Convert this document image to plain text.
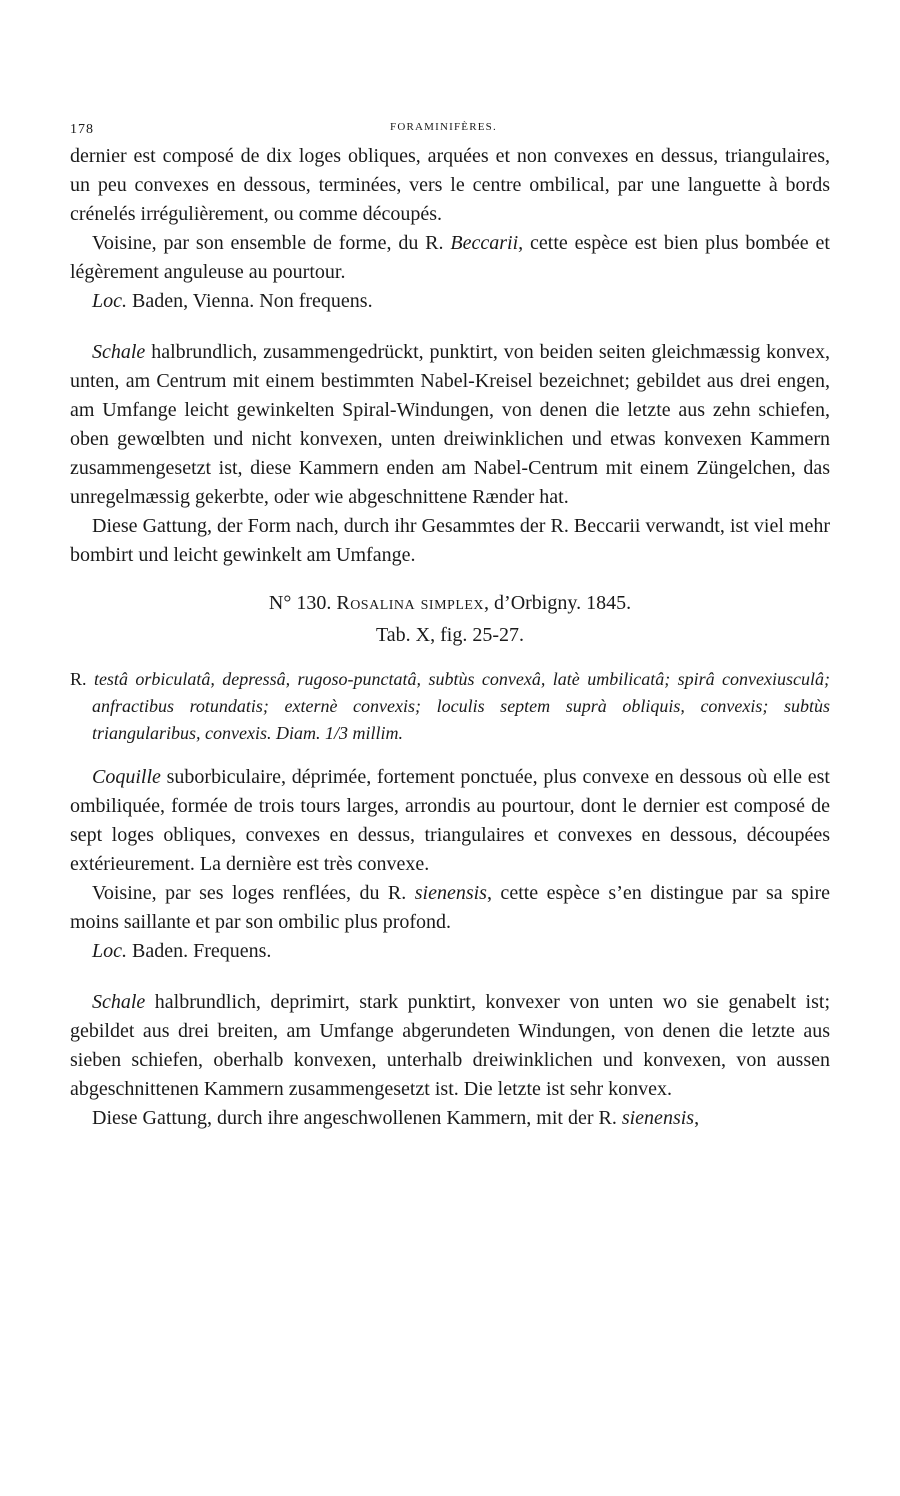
178	FORAMINIFÈRES.

dernier est composé de dix loges obliques, arquées et non convexes en dessus, triangulaires, un peu convexes en dessous, terminées, vers le centre ombilical, par une languette à bords crénelés irrégulièrement, ou comme découpés.

Voisine, par son ensemble de forme, du R. Beccarii, cette espèce est bien plus bombée et légèrement anguleuse au pourtour.

Loc. Baden, Vienna. Non frequens.

Schale halbrundlich, zusammengedrückt, punktirt, von beiden seiten gleichmæssig konvex, unten, am Centrum mit einem bestimmten Nabel-Kreisel bezeichnet; gebildet aus drei engen, am Umfange leicht gewinkelten Spiral-Windungen, von denen die letzte aus zehn schiefen, oben gewœlbten und nicht konvexen, unten dreiwinklichen und etwas konvexen Kammern zusammengesetzt ist, diese Kammern enden am Nabel-Centrum mit einem Züngelchen, das unregelmæssig gekerbte, oder wie abgeschnittene Rænder hat.

Diese Gattung, der Form nach, durch ihr Gesammtes der R. Beccarii verwandt, ist viel mehr bombirt und leicht gewinkelt am Umfange.

N° 130. Rosalina simplex, d’Orbigny. 1845.
Tab. X, fig. 25-27.

R. testâ orbiculatâ, depressâ, rugoso-punctatâ, subtùs convexâ, latè umbilicatâ; spirâ convexiusculâ; anfractibus rotundatis; externè convexis; loculis septem suprà obliquis, convexis; subtùs triangularibus, convexis. Diam. 1/3 millim.

Coquille suborbiculaire, déprimée, fortement ponctuée, plus convexe en dessous où elle est ombiliquée, formée de trois tours larges, arrondis au pourtour, dont le dernier est composé de sept loges obliques, convexes en dessus, triangulaires et convexes en dessous, découpées extérieurement. La dernière est très convexe.

Voisine, par ses loges renflées, du R. sienensis, cette espèce s’en distingue par sa spire moins saillante et par son ombilic plus profond.

Loc. Baden. Frequens.

Schale halbrundlich, deprimirt, stark punktirt, konvexer von unten wo sie genabelt ist; gebildet aus drei breiten, am Umfange abgerundeten Windungen, von denen die letzte aus sieben schiefen, oberhalb konvexen, unterhalb dreiwinklichen und konvexen, von aussen abgeschnittenen Kammern zusammengesetzt ist. Die letzte ist sehr konvex.

Diese Gattung, durch ihre angeschwollenen Kammern, mit der R. sienensis,
